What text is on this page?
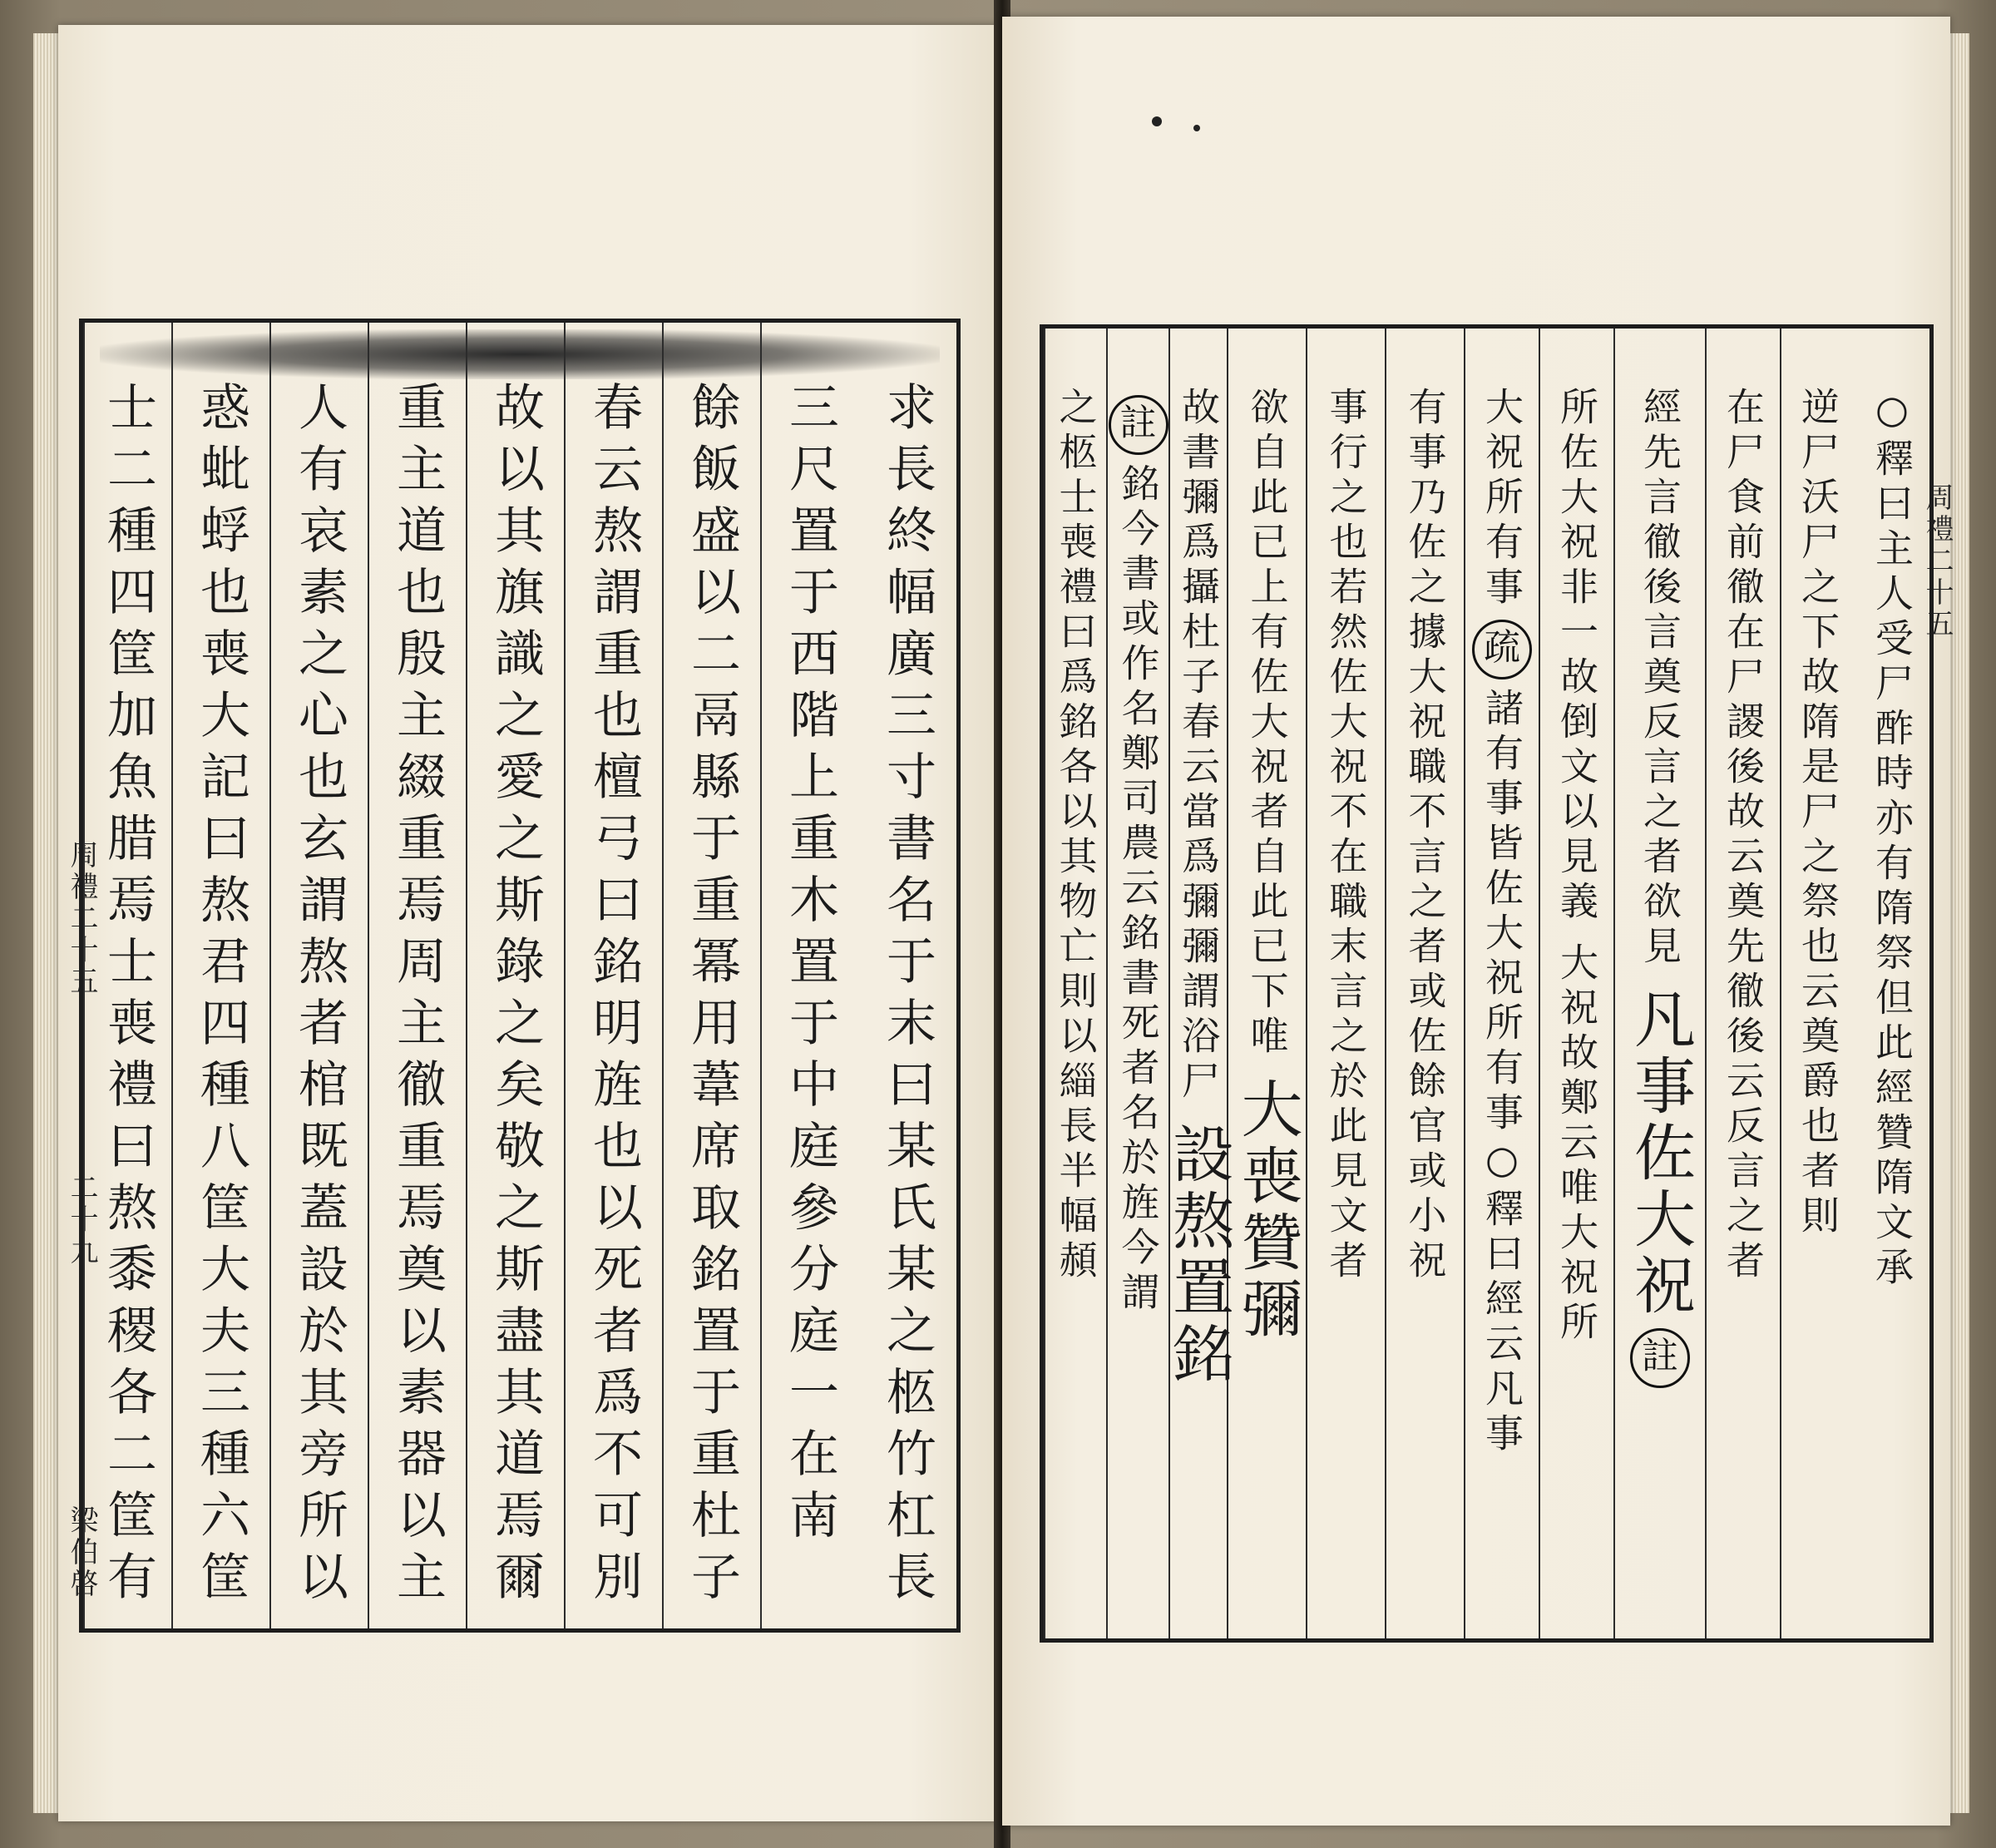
周禮二十五
二十九
梁伯啓	求長終幅廣三寸書名于末曰某氏某之柩竹杠長
三尺置于西階上重木置于中庭參分庭一在南
餘飯盛以二鬲縣于重冪用葦席取銘置于重杜子
春云熬謂重也檀弓曰銘明旌也以死者爲不可別
故以其旗識之愛之斯錄之矣敬之斯盡其道焉爾
重主道也殷主綴重焉周主徹重焉奠以素器以主
人有哀素之心也玄謂熬者棺既蓋設於其旁所以
惑蚍蜉也喪大記曰熬君四種八筐大夫三種六筐
士二種四筐加魚腊焉士喪禮曰熬黍稷各二筐有	周禮二十五
○釋曰主人受尸酢時亦有隋祭但此經贊隋文承
逆尸沃尸之下故隋是尸之祭也云奠爵也者則
在尸食前徹在尸謖後故云奠先徹後云反言之者
經先言徹後言奠反言之者欲見
凡事佐大祝
註
所佐大祝非一故倒文以見義
大祝故鄭云唯大祝所
大祝所有事
疏
諸有事皆佐大祝所有事○釋曰經云凡事
有事乃佐之據大祝職不言之者或佐餘官或小祝
事行之也若然佐大祝不在職末言之於此見文者
欲自此已上有佐大祝者自此已下唯
大喪贊彌
故書彌爲攝杜子春云當爲彌彌謂浴尸
設熬置銘
註
銘今書或作名鄭司農云銘書死者名於旌今謂
之柩士喪禮曰爲銘各以其物亡則以緇長半幅頳
